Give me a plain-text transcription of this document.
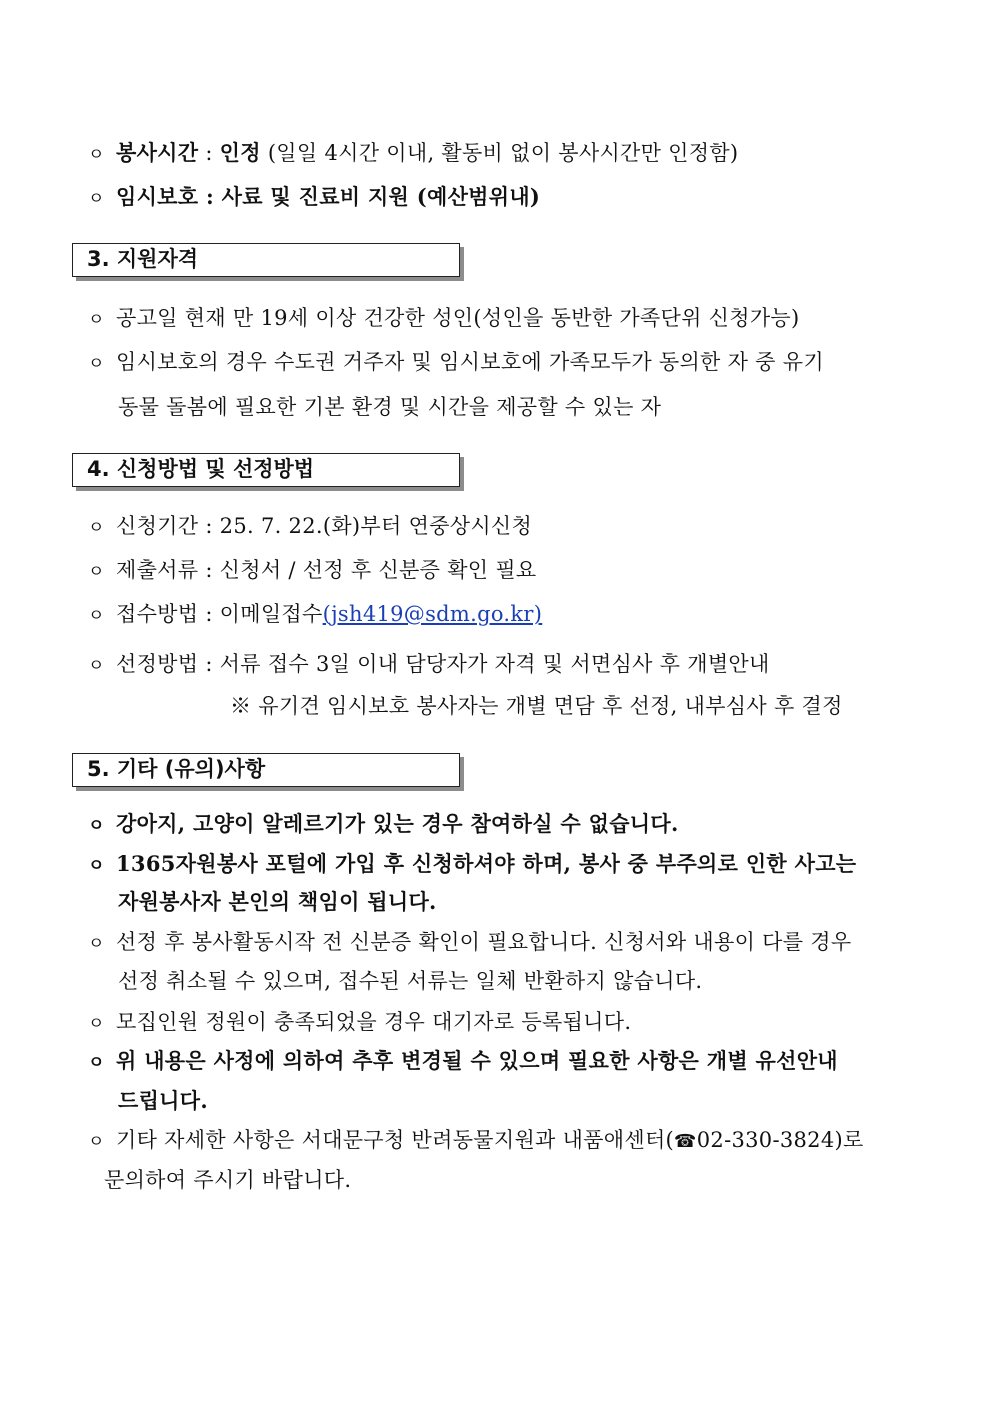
ㅇ 봉사시간 : 인정 (일일 4시간 이내, 활동비 없이 봉사시간만 인정함)
ㅇ 임시보호 : 사료 및 진료비 지원 (예산범위내)
3. 지원자격
ㅇ 공고일 현재 만 19세 이상 건강한 성인(성인을 동반한 가족단위 신청가능)
ㅇ 임시보호의 경우 수도권 거주자 및 임시보호에 가족모두가 동의한 자 중 유기
동물 돌봄에 필요한 기본 환경 및 시간을 제공할 수 있는 자
4. 신청방법 및 선정방법
ㅇ 신청기간 : 25. 7. 22.(화)부터 연중상시신청
ㅇ 제출서류 : 신청서 / 선정 후 신분증 확인 필요
ㅇ 접수방법 : 이메일접수(jsh419@sdm.go.kr)
ㅇ 선정방법 : 서류 접수 3일 이내 담당자가 자격 및 서면심사 후 개별안내
※ 유기견 임시보호 봉사자는 개별 면담 후 선정, 내부심사 후 결정
5. 기타 (유의)사항
ㅇ 강아지, 고양이 알레르기가 있는 경우 참여하실 수 없습니다.
ㅇ 1365자원봉사 포털에 가입 후 신청하셔야 하며, 봉사 중 부주의로 인한 사고는
자원봉사자 본인의 책임이 됩니다.
ㅇ 선정 후 봉사활동시작 전 신분증 확인이 필요합니다. 신청서와 내용이 다를 경우
선정 취소될 수 있으며, 접수된 서류는 일체 반환하지 않습니다.
ㅇ 모집인원 정원이 충족되었을 경우 대기자로 등록됩니다.
ㅇ 위 내용은 사정에 의하여 추후 변경될 수 있으며 필요한 사항은 개별 유선안내
드립니다.
ㅇ 기타 자세한 사항은 서대문구청 반려동물지원과 내품애센터(☎02-330-3824)로
문의하여 주시기 바랍니다.
